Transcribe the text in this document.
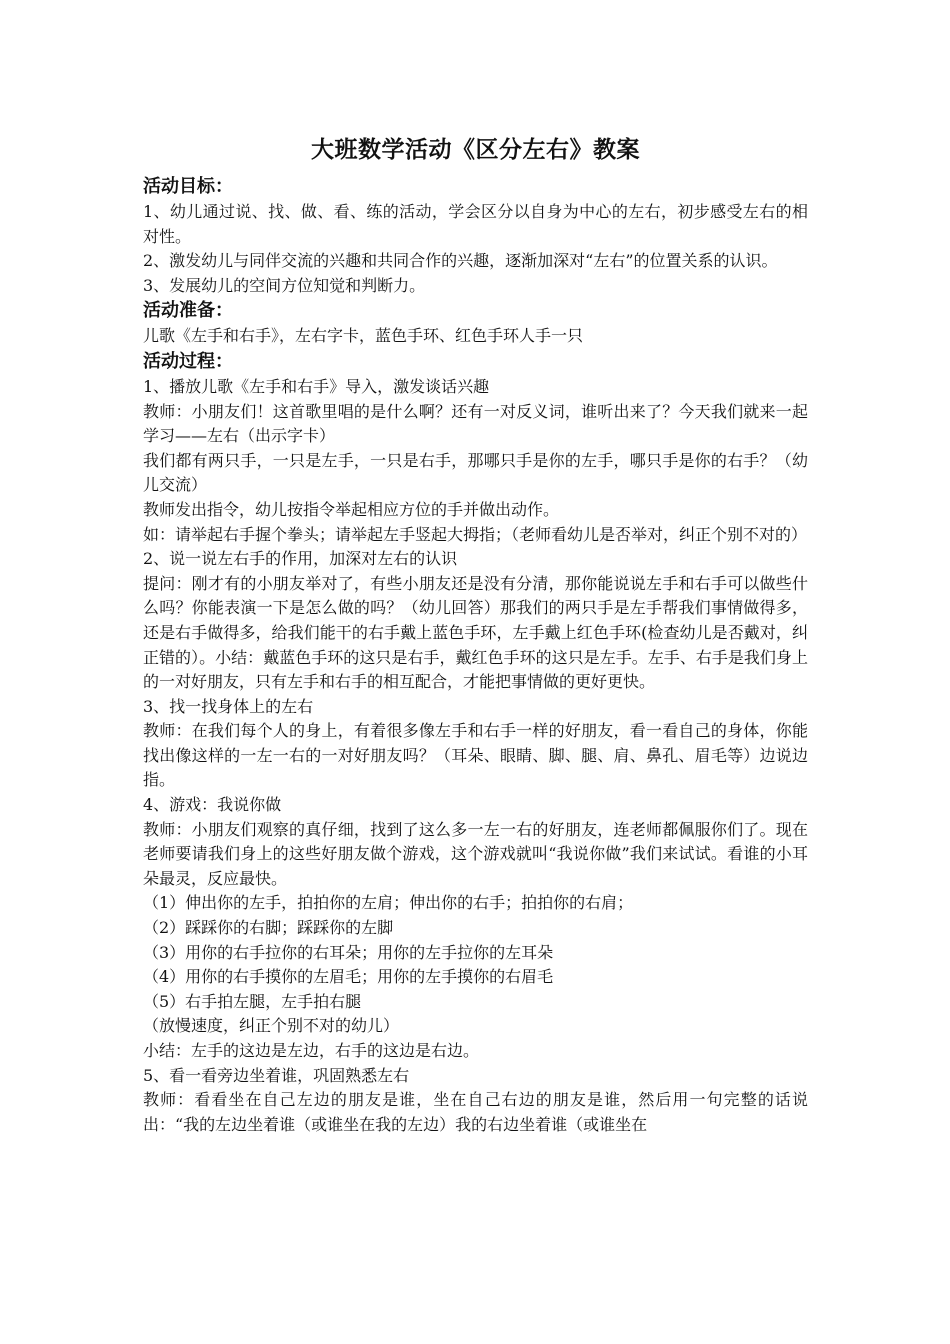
大班数学活动《区分左右》教案
活动目标：

1、幼儿通过说、找、做、看、练的活动，学会区分以自身为中心的左右，初步感受左右的相对性。

2、激发幼儿与同伴交流的兴趣和共同合作的兴趣，逐渐加深对“左右”的位置关系的认识。

3、发展幼儿的空间方位知觉和判断力。

活动准备：

儿歌《左手和右手》，左右字卡，蓝色手环、红色手环人手一只

活动过程：

1、播放儿歌《左手和右手》导入，激发谈话兴趣

教师：小朋友们！这首歌里唱的是什么啊？还有一对反义词，谁听出来了？今天我们就来一起学习——左右（出示字卡）

我们都有两只手，一只是左手，一只是右手，那哪只手是你的左手，哪只手是你的右手？（幼儿交流）

教师发出指令，幼儿按指令举起相应方位的手并做出动作。

如：请举起右手握个拳头；请举起左手竖起大拇指；（老师看幼儿是否举对，纠正个别不对的）

2、说一说左右手的作用，加深对左右的认识

提问：刚才有的小朋友举对了，有些小朋友还是没有分清，那你能说说左手和右手可以做些什么吗？你能表演一下是怎么做的吗？（幼儿回答）那我们的两只手是左手帮我们事情做得多，还是右手做得多，给我们能干的右手戴上蓝色手环，左手戴上红色手环(检查幼儿是否戴对，纠正错的）。小结：戴蓝色手环的这只是右手，戴红色手环的这只是左手。左手、右手是我们身上的一对好朋友，只有左手和右手的相互配合，才能把事情做的更好更快。

3、找一找身体上的左右

教师：在我们每个人的身上，有着很多像左手和右手一样的好朋友，看一看自己的身体，你能找出像这样的一左一右的一对好朋友吗？（耳朵、眼睛、脚、腿、肩、鼻孔、眉毛等）边说边指。

4、游戏：我说你做

教师：小朋友们观察的真仔细，找到了这么多一左一右的好朋友，连老师都佩服你们了。现在老师要请我们身上的这些好朋友做个游戏，这个游戏就叫“我说你做”我们来试试。看谁的小耳朵最灵，反应最快。

（1）伸出你的左手，拍拍你的左肩；伸出你的右手；拍拍你的右肩；

（2）踩踩你的右脚；踩踩你的左脚

（3）用你的右手拉你的右耳朵；用你的左手拉你的左耳朵

（4）用你的右手摸你的左眉毛；用你的左手摸你的右眉毛

（5）右手拍左腿，左手拍右腿

（放慢速度，纠正个别不对的幼儿）

小结：左手的这边是左边，右手的这边是右边。

5、看一看旁边坐着谁，巩固熟悉左右

教师：看看坐在自己左边的朋友是谁，坐在自己右边的朋友是谁，然后用一句完整的话说出：“我的左边坐着谁（或谁坐在我的左边）我的右边坐着谁（或谁坐在
